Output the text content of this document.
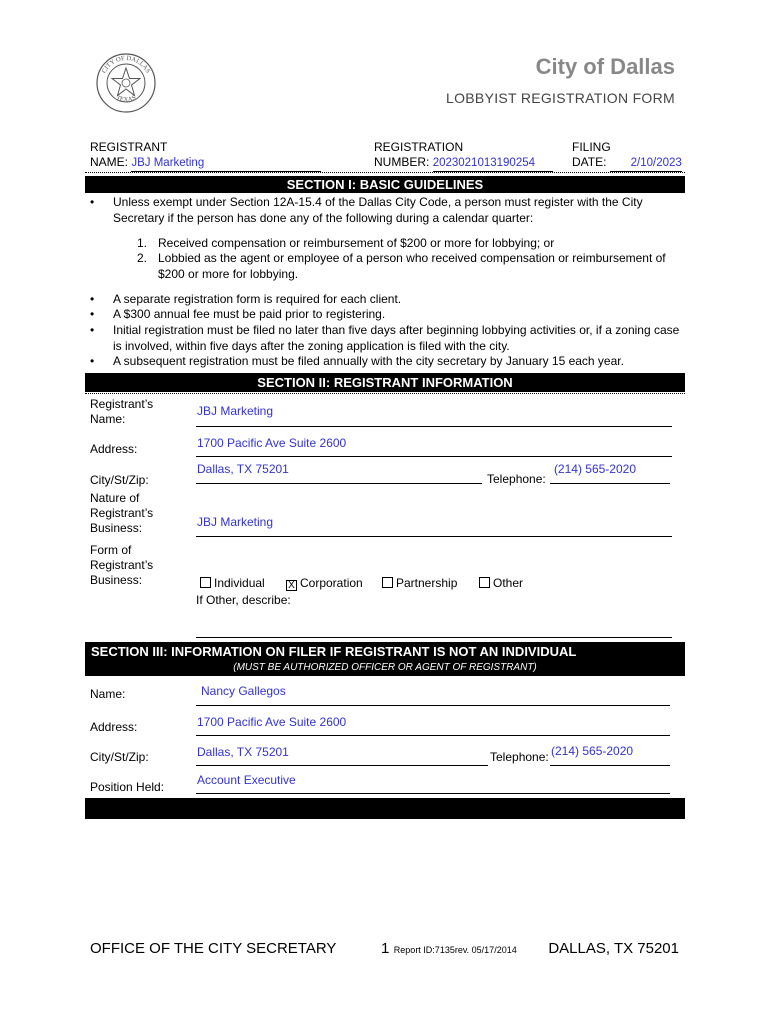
CITY OF DALLAS
TEXAS
City of Dallas
LOBBYIST REGISTRATION FORM
REGISTRANT
NAME: JBJ Marketing
REGISTRATION
NUMBER: 2023021013190254
FILING
DATE: 2/10/2023
SECTION I: BASIC GUIDELINES
•	Unless exempt under Section 12A-15.4 of the Dallas City Code, a person must register with the City Secretary if the person has done any of the following during a calendar quarter:
1. Received compensation or reimbursement of $200 or more for lobbying; or
2. Lobbied as the agent or employee of a person who received compensation or reimbursement of $200 or more for lobbying.
• A separate registration form is required for each client.
• A $300 annual fee must be paid prior to registering.
• Initial registration must be filed no later than five days after beginning lobbying activities or, if a zoning case is involved, within five days after the zoning application is filed with the city.
• A subsequent registration must be filed annually with the city secretary by January 15 each year.
SECTION II: REGISTRANT INFORMATION
Registrant’s Name:
JBJ Marketing
Address:	1700 Pacific Ave Suite 2600
City/St/Zip:
Dallas, TX 75201
Telephone:
(214) 565-2020
Nature of Registrant’s Business:	JBJ Marketing
Form of Registrant’s Business:	Individual X Corporation	Partnership	Other
If Other, describe:
SECTION III: INFORMATION ON FILER IF REGISTRANT IS NOT AN INDIVIDUAL
(MUST BE AUTHORIZED OFFICER OR AGENT OF REGISTRANT)
Name:	Nancy Gallegos
Address:	1700 Pacific Ave Suite 2600
City/St/Zip:	Dallas, TX 75201	Telephone: (214) 565-2020
Position Held:	Account Executive
OFFICE OF THE CITY SECRETARY	1 Report ID:7135rev. 05/17/2014 DALLAS, TX 75201
